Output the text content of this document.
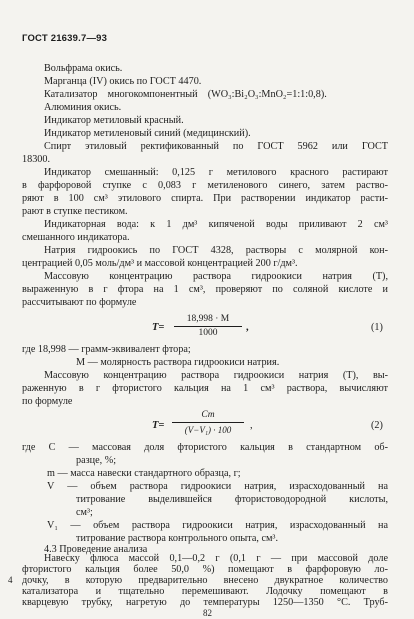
ГОСТ 21639.7—93
Вольфрама окись.
Марганца (IV) окись по ГОСТ 4470.
Катализатор    многокомпонентный    (WO₃:Bi₂O₃:MnO₂=1:1:0,8).
Алюминия окись.
Индикатор метиловый красный.
Индикатор метиленовый синий (медицинский).
Спирт этиловый ректификованный по ГОСТ 5962 или ГОСТ
18300.
Индикатор смешанный: 0,125 г метилового красного растирают
в фарфоровой ступке с 0,083 г метиленового синего, затем раство-
ряют в 100 см³ этилового спирта. При растворении индикатор расти-
рают в ступке пестиком.
Индикаторная вода: к 1 дм³ кипяченой воды приливают 2 см³
смешанного индикатора.
Натрия гидроокись по ГОСТ 4328, растворы с молярной кон-
центрацией 0,05 моль/дм³ и массовой концентрацией 200 г/дм³.
Массовую концентрацию раствора гидроокиси натрия (Т),
выраженную в г фтора на 1 см³, проверяют по соляной кислоте и
рассчитывают по формуле
T=
18,998 · M
1000	,	(1)
где 18,998 — грамм-эквивалент фтора;
M — молярность раствора гидроокиси натрия.
Массовую концентрацию раствора гидроокиси натрия (Т), вы-
раженную в г фтористого кальция на 1 см³ раствора, вычисляют
по формуле
T=
Cm
(V−V₁) · 100	,	(2)
где C — массовая доля фтористого кальция в стандартном об-
разце, %;
m — масса навески стандартного образца, г;
V — объем раствора гидроокиси натрия, израсходованный на
титрование выделившейся фтористоводородной кислоты,
см³;
V₁ — объем раствора гидроокиси натрия, израсходованный на
титрование раствора контрольного опыта, см³.
4.3 Проведение анализа
Навеску флюса массой 0,1—0,2 г (0,1 г — при массовой доле
фтористого кальция более 50,0 %) помещают в фарфоровую ло-
дочку, в которую предварительно внесено двукратное количество
катализатора и тщательно перемешивают. Лодочку помещают в
4
82
кварцевую трубку, нагретую до температуры 1250—1350 °С. Труб-
